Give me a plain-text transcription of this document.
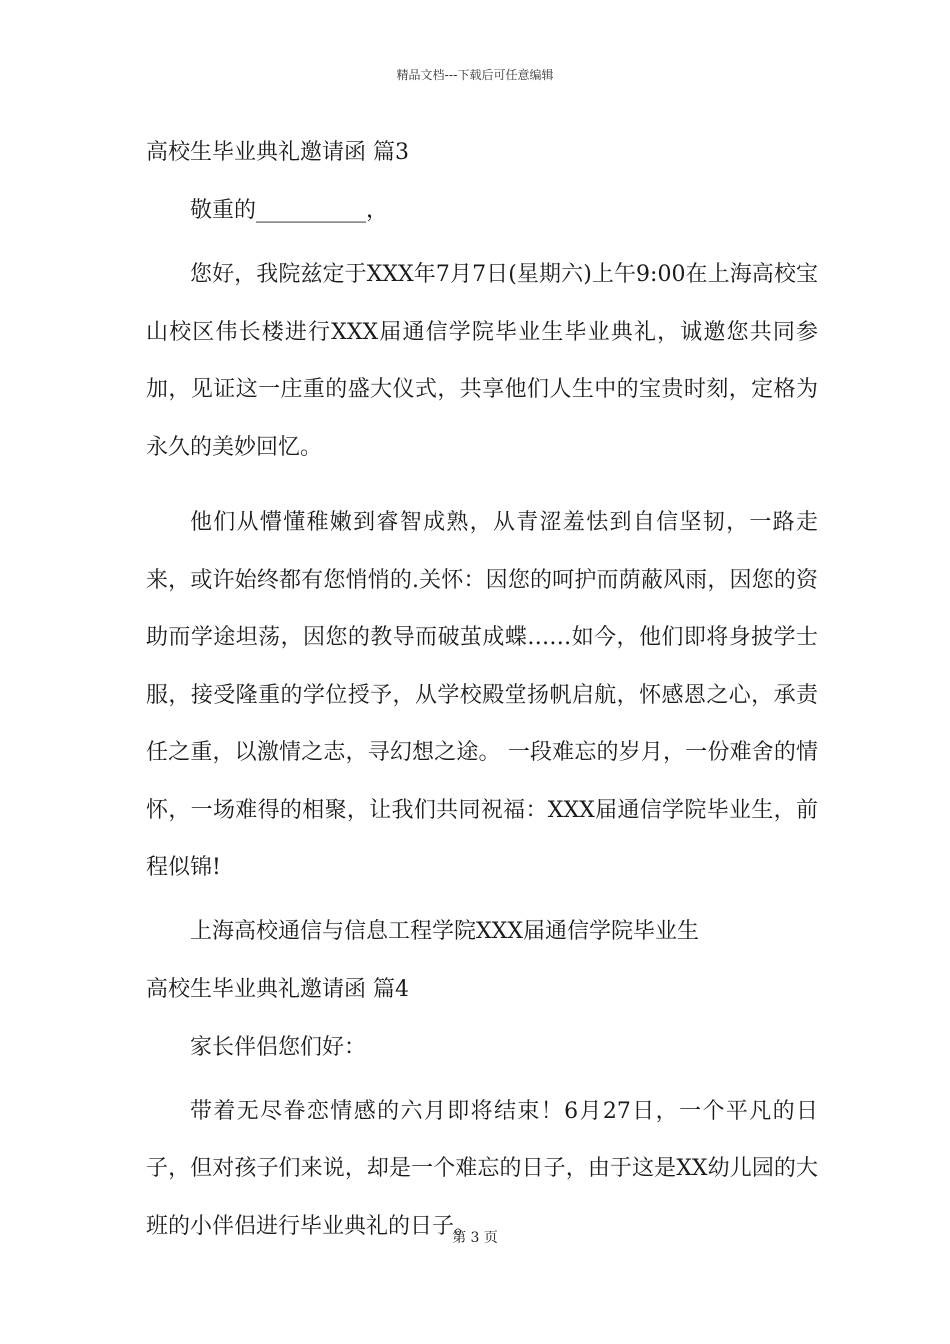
精品文档---下载后可任意编辑
高校生毕业典礼邀请函 篇3
敬重的__________，

您好，我院兹定于XXX年7月7日(星期六)上午9:00在上海高校宝山校区伟长楼进行XXX届通信学院毕业生毕业典礼，诚邀您共同参加，见证这一庄重的盛大仪式，共享他们人生中的宝贵时刻，定格为永久的美妙回忆。

他们从懵懂稚嫩到睿智成熟，从青涩羞怯到自信坚韧，一路走来，或许始终都有您悄悄的.关怀：因您的呵护而荫蔽风雨，因您的资助而学途坦荡，因您的教导而破茧成蝶……如今，他们即将身披学士服，接受隆重的学位授予，从学校殿堂扬帆启航，怀感恩之心，承责任之重，以激情之志，寻幻想之途。 一段难忘的岁月，一份难舍的情怀，一场难得的相聚，让我们共同祝福：XXX届通信学院毕业生，前程似锦!

上海高校通信与信息工程学院XXX届通信学院毕业生
高校生毕业典礼邀请函 篇4
家长伴侣您们好：

带着无尽眷恋情感的六月即将结束！6月27日，一个平凡的日子，但对孩子们来说，却是一个难忘的日子，由于这是XX幼儿园的大班的小伴侣进行毕业典礼的日子。

第 3 页
